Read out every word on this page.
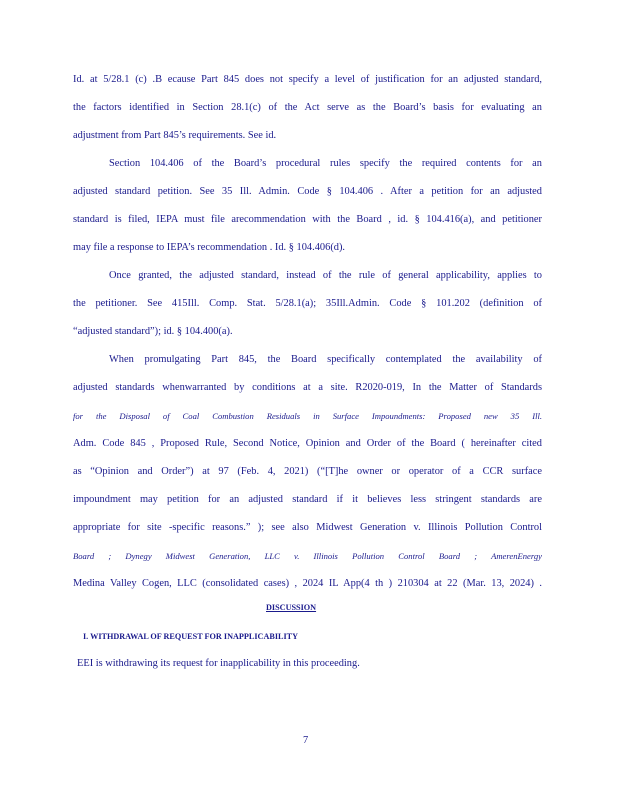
Id. at 5/28.1 (c) .B ecause Part 845 does not specify a level of justification for an adjusted standard,
the factors identified in Section 28.1(c) of the Act serve as the Board’s basis for evaluating an
adjustment from Part 845’s requirements. See id.
Section 104.406 of the Board’s procedural rules specify the required contents for an
adjusted standard petition. See 35 Ill. Admin. Code § 104.406 . After a petition for an adjusted
standard is filed, IEPA must file arecommendation with the Board , id. § 104.416(a), and petitioner
may file a response to IEPA’s recommendation . Id. § 104.406(d).
Once granted, the adjusted standard, instead of the rule of general applicability, applies to
the petitioner. See 415Ill. Comp. Stat. 5/28.1(a); 35Ill.Admin. Code § 101.202 (definition of
“adjusted standard”); id. § 104.400(a).
When promulgating Part 845, the Board specifically contemplated the availability of
adjusted standards whenwarranted by conditions at a site. R2020-019, In the Matter of Standards
for the Disposal of Coal Combustion Residuals in Surface Impoundments: Proposed new 35 Ill.
Adm. Code 845 , Proposed Rule, Second Notice, Opinion and Order of the Board ( hereinafter cited
as “Opinion and Order”) at 97 (Feb. 4, 2021) (“[T]he owner or operator of a CCR surface
impoundment may petition for an adjusted standard if it believes less stringent standards are
appropriate for site -specific reasons.” ); see also Midwest Generation v. Illinois Pollution Control
Board ; Dynegy Midwest Generation, LLC v. Illinois Pollution Control Board ; AmerenEnergy
Medina Valley Cogen, LLC (consolidated cases) , 2024 IL App(4 th ) 210304 at 22 (Mar. 13, 2024) .
DISCUSSION
I. WITHDRAWAL OF REQUEST FOR INAPPLICABILITY
EEI is withdrawing its request for inapplicability in this proceeding.
7
